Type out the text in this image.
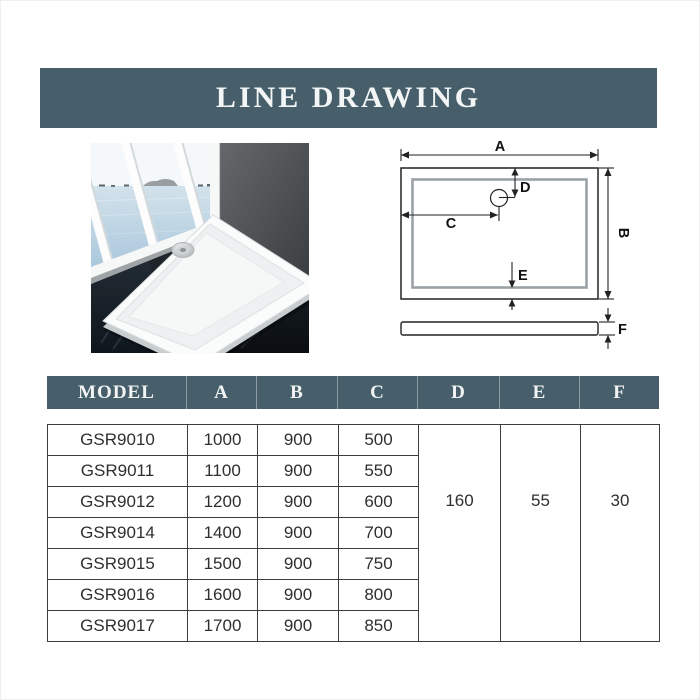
LINE DRAWING
A
B
C
D
E
F
MODEL	A	B	C	D	E	F
GSR9010	1000	900	500	160	55	30
GSR9011	1100	900	550			
GSR9012	1200	900	600			
GSR9014	1400	900	700			
GSR9015	1500	900	750			
GSR9016	1600	900	800			
GSR9017	1700	900	850			
